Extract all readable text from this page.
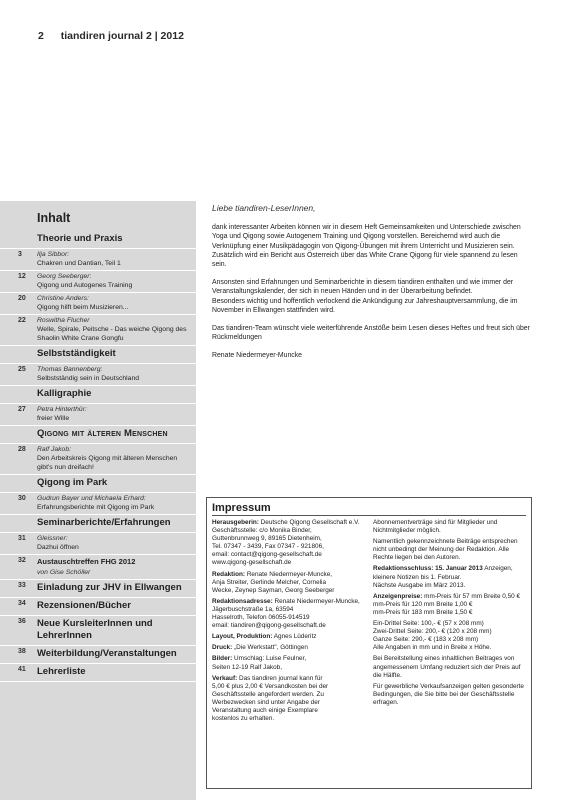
2 tiandiren journal 2 | 2012
Inhalt
Theorie und Praxis
3 Ilja Sibbor:
Chakren und Dantian, Teil 1
12 Georg Seeberger:
Qigong und Autogenes Training
20 Christine Anders:
Qigong hilft beim Musizieren...
22 Roswitha Flucher
Welle, Spirale, Peitsche - Das weiche Qigong des Shaolin White Crane Gongfu
Selbstständigkeit
25 Thomas Bannenberg:
Selbstständig sein in Deutschland
Kalligraphie
27 Petra Hinterthür:
freier Wille
Qigong mit älteren Menschen
28 Ralf Jakob:
Den Arbeitskreis Qigong mit älteren Menschen gibt's nun dreifach!
Qigong im Park
30 Gudrun Bayer und Michaela Erhard:
Erfahrungsberichte mit Qigong im Park
Seminarberichte/Erfahrungen
31 Gleissner:
Dazhui öffnen
32 Austauschtreffen FHG 2012
von Gise Schöller
33 Einladung zur JHV in Ellwangen
34 Rezensionen/Bücher
36 Neue KursleiterInnen und LehrerInnen
38 Weiterbildung/Veranstaltungen
41 Lehrerliste
Liebe tiandiren-LeserInnen,

dank interessanter Arbeiten können wir in diesem Heft Gemeinsamkeiten und Unterschiede zwischen Yoga und Qigong sowie Autogenem Training und Qigong vorstellen. Bereichernd wird auch die Verknüpfung einer Musikpädagogin von Qigong-Übungen mit ihrem Unterricht und Musizieren sein. Zusätzlich wird ein Bericht aus Österreich über das White Crane Qigong für viele spannend zu lesen sein.

Ansonsten sind Erfahrungen und Seminarberichte in diesem tiandiren enthalten und wie immer der Veranstaltungskalender, der sich in neuen Händen und in der Überarbeitung befindet.

Besonders wichtig und hoffentlich verlockend die Ankündigung zur Jahreshauptversammlung, die im November in Ellwangen stattfinden wird.

Das tiandiren-Team wünscht viele weiterführende Anstöße beim Lesen dieses Heftes und freut sich über Rückmeldungen

Renate Niedermeyer-Muncke

Impressum
Herausgeberin: Deutsche Qigong Gesellschaft e.V.
Geschäftsstelle: c/o Monika Binder,
Guttenbrunnweg 9, 89165 Dietenheim,
Tel. 07347 - 3439, Fax 07347 - 921806,
email: contact@qigong-gesellschaft.de
www.qigong-gesellschaft.de
Redaktion: Renate Niedermeyer-Muncke,
Anja Streiter, Gerlinde Melcher, Cornelia
Wecke, Zeynep Sayman, Georg Seeberger
Redaktionsadresse: Renate Niedermeyer-Muncke, Jägerbuschstraße 1a, 63594
Hasselroth, Telefon 06055-914519
email: tiandiren@qigong-gesellschaft.de
Layout, Produktion: Agnes Lüderitz
Druck: „Die Werkstatt", Göttingen
Bilder: Umschlag: Luise Feulner,
Seiten 12-19 Ralf Jakob,
Verkauf: Das tiandiren journal kann für
5,00 € plus 2,00 € Versandkosten bei der
Geschäftsstelle angefordert werden. Zu
Werbezwecken sind unter Angabe der
Veranstaltung auch einige Exemplare
kostenlos zu erhalten.
Abonnementverträge sind für Mitglieder und Nichtmitglieder möglich.
Namentlich gekennzeichnete Beiträge entsprechen nicht unbedingt der Meinung der Redaktion. Alle Rechte liegen bei den Autoren.
Redaktionsschluss: 15. Januar 2013 Anzeigen, kleinere Notizen bis 1. Februar.
Nächste Ausgabe im März 2013.
Anzeigenpreise: mm-Preis für 57 mm Breite 0,50 €
mm-Preis für 120 mm Breite 1,00 €
mm-Preis für 183 mm Breite 1,50 €
Ein-Drittel Seite: 100,- € (57 x 208 mm)
Zwei-Drittel Seite: 200,- € (120 x 208 mm)
Ganze Seite: 290,- € (183 x 208 mm)
Alle Angaben in mm und in Breite x Höhe.
Bei Bereitstellung eines inhaltlichen Beitrages von angemessenem Umfang reduziert sich der Preis auf die Hälfte.
Für gewerbliche Verkaufsanzeigen gelten gesonderte Bedingungen, die Sie bitte bei der Geschäftsstelle erfragen.
